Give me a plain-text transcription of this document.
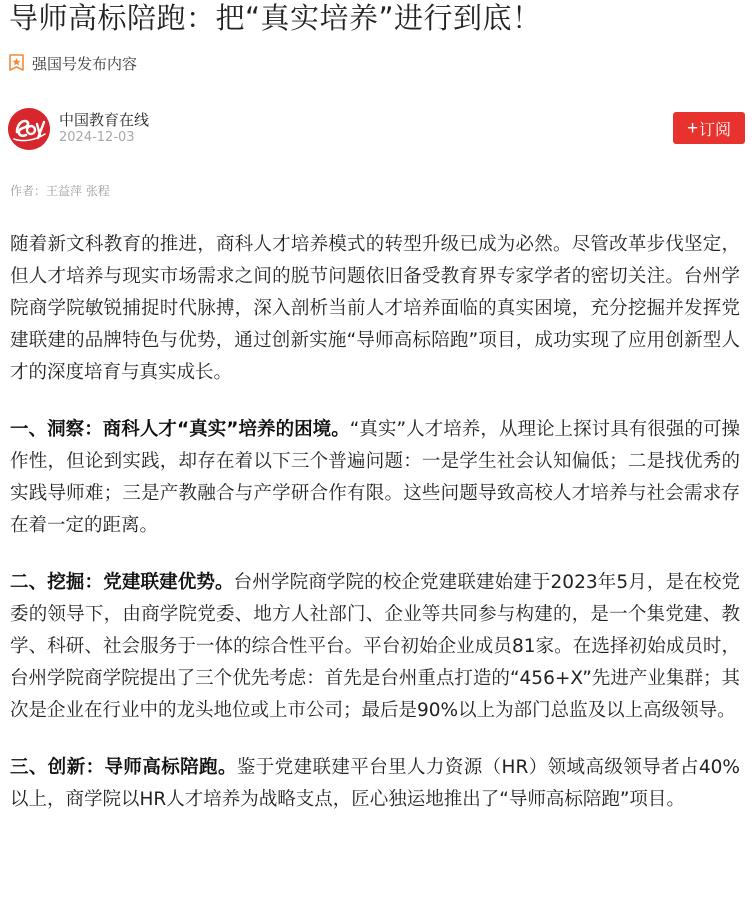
导师高标陪跑：把“真实培养”进行到底！
强国号发布内容
中国教育在线
2024-12-03	+ 订阅
作者：王益萍 张程

随着新文科教育的推进，商科人才培养模式的转型升级已成为必然。尽管改革步伐坚定，但人才培养与现实市场需求之间的脱节问题依旧备受教育界专家学者的密切关注。台州学院商学院敏锐捕捉时代脉搏，深入剖析当前人才培养面临的真实困境，充分挖掘并发挥党建联建的品牌特色与优势，通过创新实施“导师高标陪跑”项目，成功实现了应用创新型人才的深度培育与真实成长。

一、洞察：商科人才“真实”培养的困境。“真实”人才培养，从理论上探讨具有很强的可操作性，但论到实践，却存在着以下三个普遍问题：一是学生社会认知偏低；二是找优秀的实践导师难；三是产教融合与产学研合作有限。这些问题导致高校人才培养与社会需求存在着一定的距离。

二、挖掘：党建联建优势。台州学院商学院的校企党建联建始建于2023年5月，是在校党委的领导下，由商学院党委、地方人社部门、企业等共同参与构建的，是一个集党建、教学、科研、社会服务于一体的综合性平台。平台初始企业成员81家。在选择初始成员时，台州学院商学院提出了三个优先考虑：首先是台州重点打造的“456+X”先进产业集群；其次是企业在行业中的龙头地位或上市公司；最后是90%以上为部门总监及以上高级领导。

三、创新：导师高标陪跑。鉴于党建联建平台里人力资源（HR）领域高级领导者占40%以上，商学院以HR人才培养为战略支点，匠心独运地推出了“导师高标陪跑”项目。
